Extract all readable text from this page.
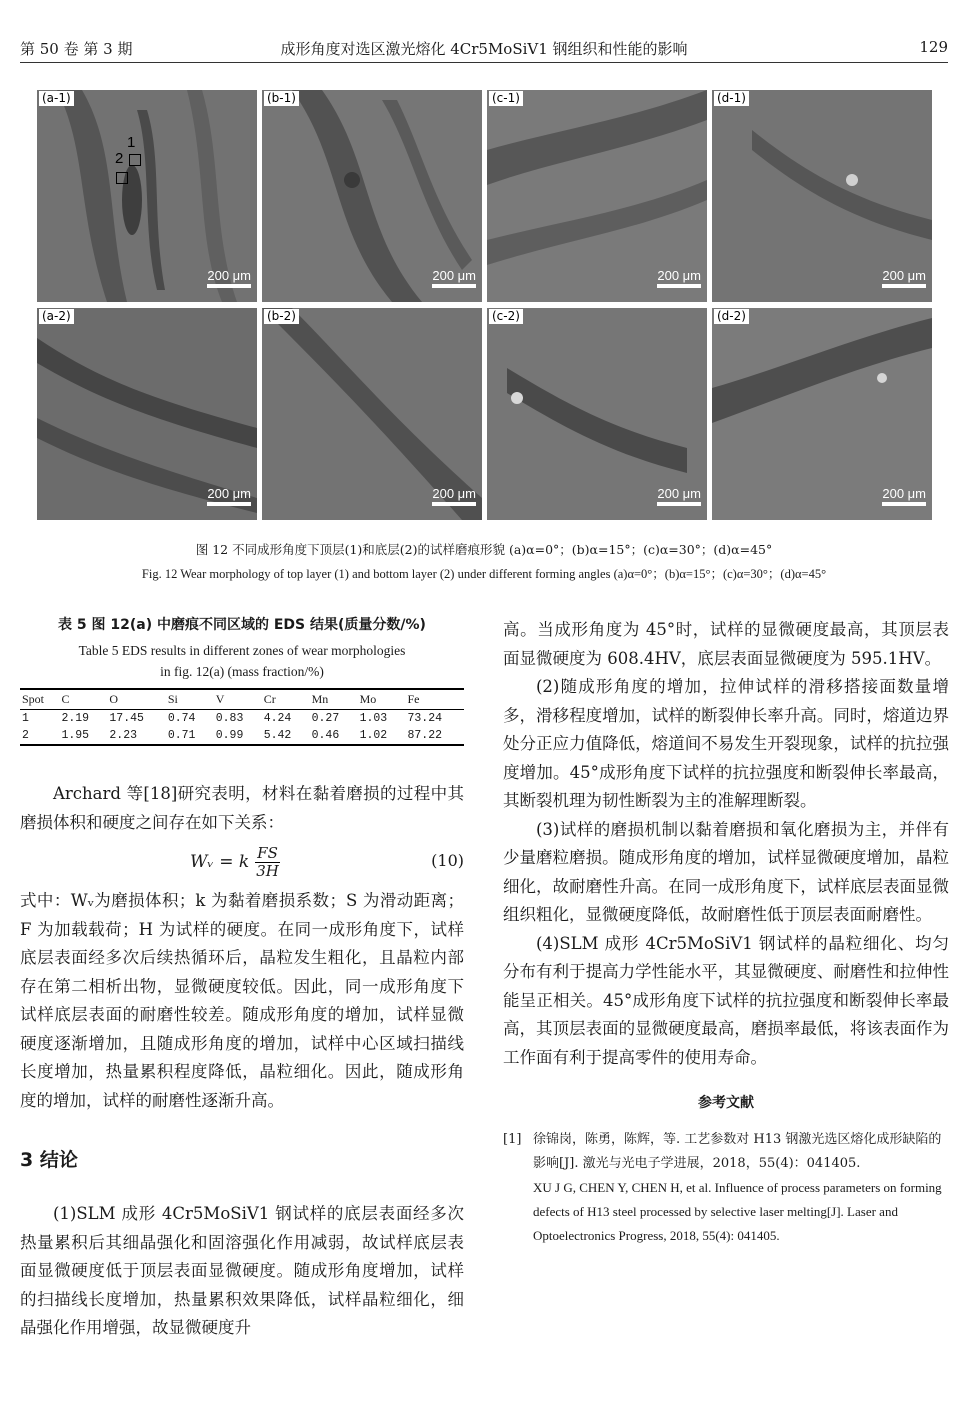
第 50 卷 第 3 期	成形角度对选区激光熔化 4Cr5MoSiV1 钢组织和性能的影响	129
(a-1)
1
2
200 μm
(b-1)
200 μm
(c-1)
200 μm
(d-1)
200 μm
(a-2)
200 μm
(b-2)
200 μm
(c-2)
200 μm
(d-2)
200 μm
图 12 不同成形角度下顶层(1)和底层(2)的试样磨痕形貌 (a)α=0°；(b)α=15°；(c)α=30°；(d)α=45°
Fig. 12 Wear morphology of top layer (1) and bottom layer (2) under different forming angles (a)α=0°；(b)α=15°；(c)α=30°；(d)α=45°
表 5 图 12(a) 中磨痕不同区域的 EDS 结果(质量分数/%)
Table 5 EDS results in different zones of wear morphologies
in fig. 12(a) (mass fraction/%)
Spot	C	O	Si	V	Cr	Mn	Mo	Fe
1	2.19	17.45	0.74	0.83	4.24	0.27	1.03	73.24
2	1.95	2.23	0.71	0.99	5.42	0.46	1.02	87.22

Archard 等[18]研究表明，材料在黏着磨损的过程中其磨损体积和硬度之间存在如下关系：

Wᵥ = k $\frac{FS}{3H}$	(10)

式中：Wᵥ为磨损体积；k 为黏着磨损系数；S 为滑动距离；F 为加载载荷；H 为试样的硬度。在同一成形角度下，试样底层表面经多次后续热循环后，晶粒发生粗化，且晶粒内部存在第二相析出物，显微硬度较低。因此，同一成形角度下试样底层表面的耐磨性较差。随成形角度的增加，试样显微硬度逐渐增加，且随成形角度的增加，试样中心区域扫描线长度增加，热量累积程度降低，晶粒细化。因此，随成形角度的增加，试样的耐磨性逐渐升高。

3 结论

(1)SLM 成形 4Cr5MoSiV1 钢试样的底层表面经多次热量累积后其细晶强化和固溶强化作用减弱，故试样底层表面显微硬度低于顶层表面显微硬度。随成形角度增加，试样的扫描线长度增加，热量累积效果降低，试样晶粒细化，细晶强化作用增强，故显微硬度升

高。当成形角度为 45°时，试样的显微硬度最高，其顶层表面显微硬度为 608.4HV，底层表面显微硬度为 595.1HV。

(2)随成形角度的增加，拉伸试样的滑移搭接面数量增多，滑移程度增加，试样的断裂伸长率升高。同时，熔道边界处分正应力值降低，熔道间不易发生开裂现象，试样的抗拉强度增加。45°成形角度下试样的抗拉强度和断裂伸长率最高，其断裂机理为韧性断裂为主的准解理断裂。

(3)试样的磨损机制以黏着磨损和氧化磨损为主，并伴有少量磨粒磨损。随成形角度的增加，试样显微硬度增加，晶粒细化，故耐磨性升高。在同一成形角度下，试样底层表面显微组织粗化，显微硬度降低，故耐磨性低于顶层表面耐磨性。

(4)SLM 成形 4Cr5MoSiV1 钢试样的晶粒细化、均匀分布有利于提高力学性能水平，其显微硬度、耐磨性和拉伸性能呈正相关。45°成形角度下试样的抗拉强度和断裂伸长率最高，其顶层表面的显微硬度最高，磨损率最低，将该表面作为工作面有利于提高零件的使用寿命。

参考文献
[1] 徐锦岗，陈勇，陈辉，等. 工艺参数对 H13 钢激光选区熔化成形缺陷的影响[J]. 激光与光电子学进展，2018，55(4)：041405.
XU J G, CHEN Y, CHEN H, et al. Influence of process parameters on forming defects of H13 steel processed by selective laser melting[J]. Laser and Optoelectronics Progress, 2018, 55(4): 041405.
